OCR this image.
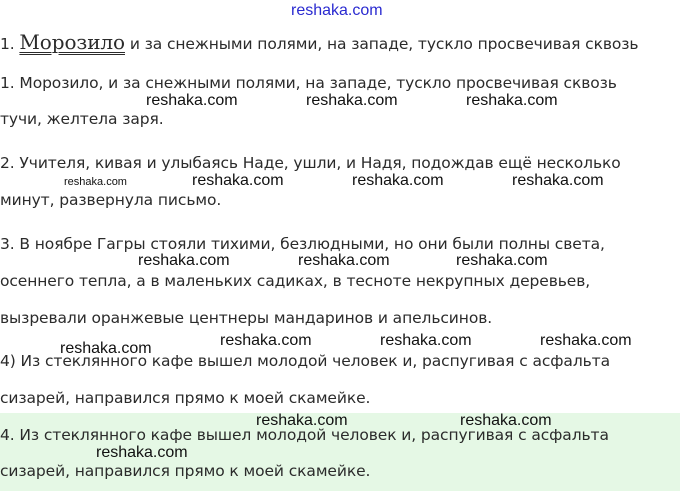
reshaka.com
1. Морозило и за снежными полями, на западе, тускло просвечивая сквозь
1. Морозило, и за снежными полями, на западе, тускло просвечивая сквозь
тучи, желтела заря.
2. Учителя, кивая и улыбаясь Наде, ушли, и Надя, подождав ещё несколько
минут, развернула письмо.
3. В ноябре Гагры стояли тихими, безлюдными, но они были полны света,
осеннего тепла, а в маленьких садиках, в тесноте некрупных деревьев,
вызревали оранжевые центнеры мандаринов и апельсинов.
4) Из стеклянного кафе вышел молодой человек и, распугивая с асфальта
сизарей, направился прямо к моей скамейке.
4. Из стеклянного кафе вышел молодой человек и, распугивая с асфальта
сизарей, направился прямо к моей скамейке.
reshaka.com	reshaka.com	reshaka.com
reshaka.com	reshaka.com	reshaka.com	reshaka.com
reshaka.com	reshaka.com	reshaka.com
reshaka.com	reshaka.com	reshaka.com	reshaka.com
reshaka.com	reshaka.com
reshaka.com
